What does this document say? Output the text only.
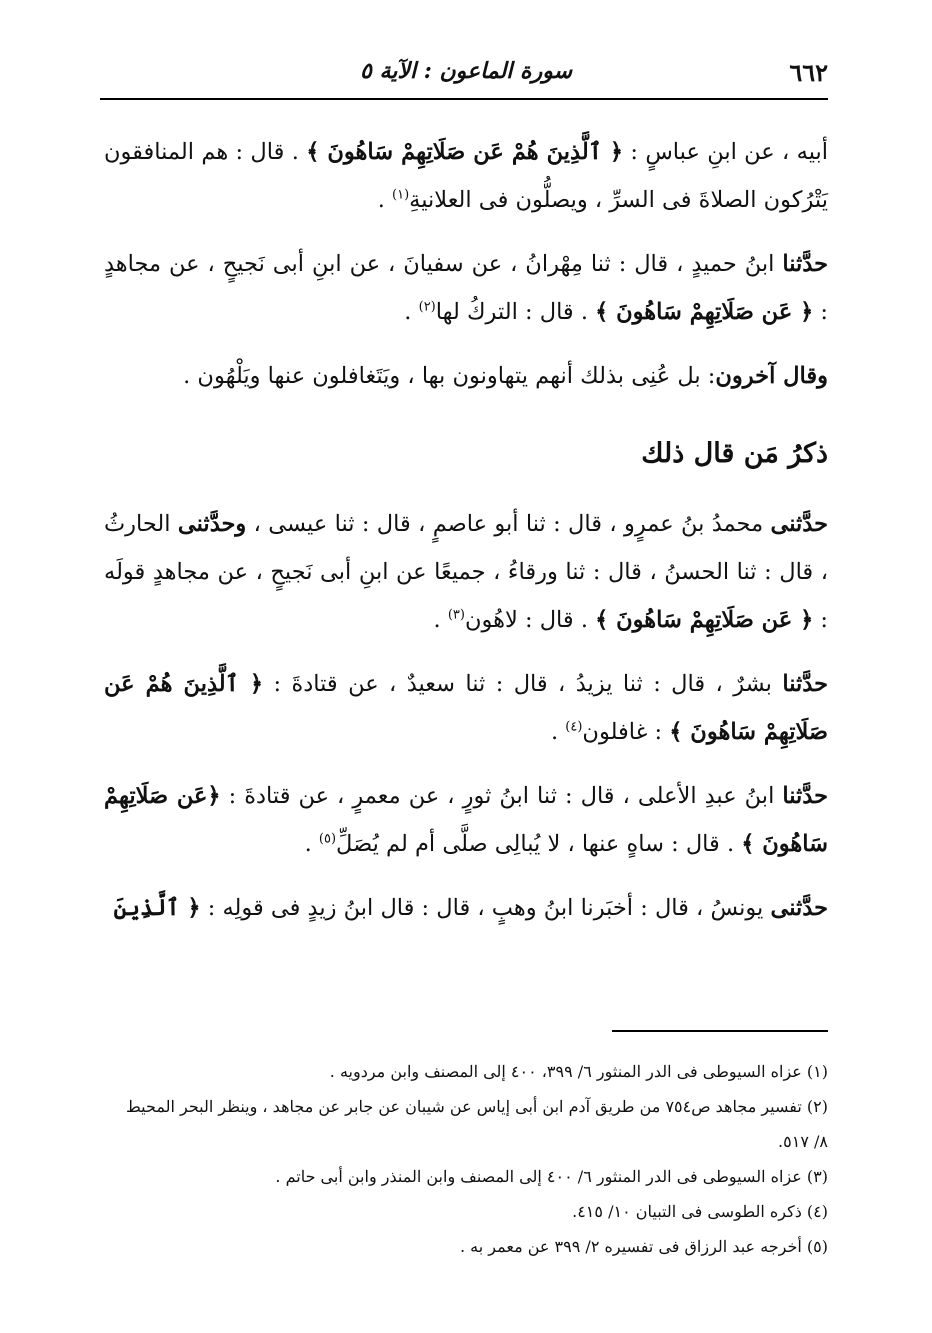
٦٦٢
سورة الماعون : الآية ٥

أبيه ، عن ابنِ عباسٍ : ﴿ ٱلَّذِينَ هُمْ عَن صَلَاتِهِمْ سَاهُونَ ﴾ . قال : هم المنافقون يَتْرُكون الصلاةَ فى السرِّ ، ويصلُّون فى العلانيةِ$^{(١)}$ .

حدَّثنا ابنُ حميدٍ ، قال : ثنا مِهْرانُ ، عن سفيانَ ، عن ابنِ أبى نَجيحٍ ، عن مجاهدٍ : ﴿ عَن صَلَاتِهِمْ سَاهُونَ ﴾ . قال : التركُ لها$^{(٢)}$ .

وقال آخرون: بل عُنِى بذلك أنهم يتهاونون بها ، ويَتَغافلون عنها ويَلْهُون .

ذكرُ مَن قال ذلك

حدَّثنى محمدُ بنُ عمرٍو ، قال : ثنا أبو عاصمٍ ، قال : ثنا عيسى ، وحدَّثنى الحارثُ ، قال : ثنا الحسنُ ، قال : ثنا ورقاءُ ، جميعًا عن ابنِ أبى نَجيحٍ ، عن مجاهدٍ قولَه : ﴿ عَن صَلَاتِهِمْ سَاهُونَ ﴾ . قال : لاهُون$^{(٣)}$ .

حدَّثنا بشرٌ ، قال : ثنا يزيدُ ، قال : ثنا سعيدٌ ، عن قتادةَ : ﴿ ٱلَّذِينَ هُمْ عَن صَلَاتِهِمْ سَاهُونَ ﴾ : غافلون$^{(٤)}$ .

حدَّثنا ابنُ عبدِ الأعلى ، قال : ثنا ابنُ ثورٍ ، عن معمرٍ ، عن قتادةَ : ﴿عَن صَلَاتِهِمْ سَاهُونَ ﴾ . قال : ساهٍ عنها ، لا يُبالِى صلَّى أم لم يُصَلِّ$^{(٥)}$ .

حدَّثنى يونسُ ، قال : أخبَرنا ابنُ وهبٍ ، قال : قال ابنُ زيدٍ فى قولِه : ﴿ ٱلَّذِينَ

(١) عزاه السيوطى فى الدر المنثور ٦/ ٣٩٩، ٤٠٠ إلى المصنف وابن مردويه .

(٢) تفسير مجاهد ص٧٥٤ من طريق آدم ابن أبى إياس عن شيبان عن جابر عن مجاهد ، وينظر البحر المحيط

٨/ ٥١٧.

(٣) عزاه السيوطى فى الدر المنثور ٦/ ٤٠٠ إلى المصنف وابن المنذر وابن أبى حاتم .

(٤) ذكره الطوسى فى التبيان ١٠/ ٤١٥.

(٥) أخرجه عبد الرزاق فى تفسيره ٢/ ٣٩٩ عن معمر به .
